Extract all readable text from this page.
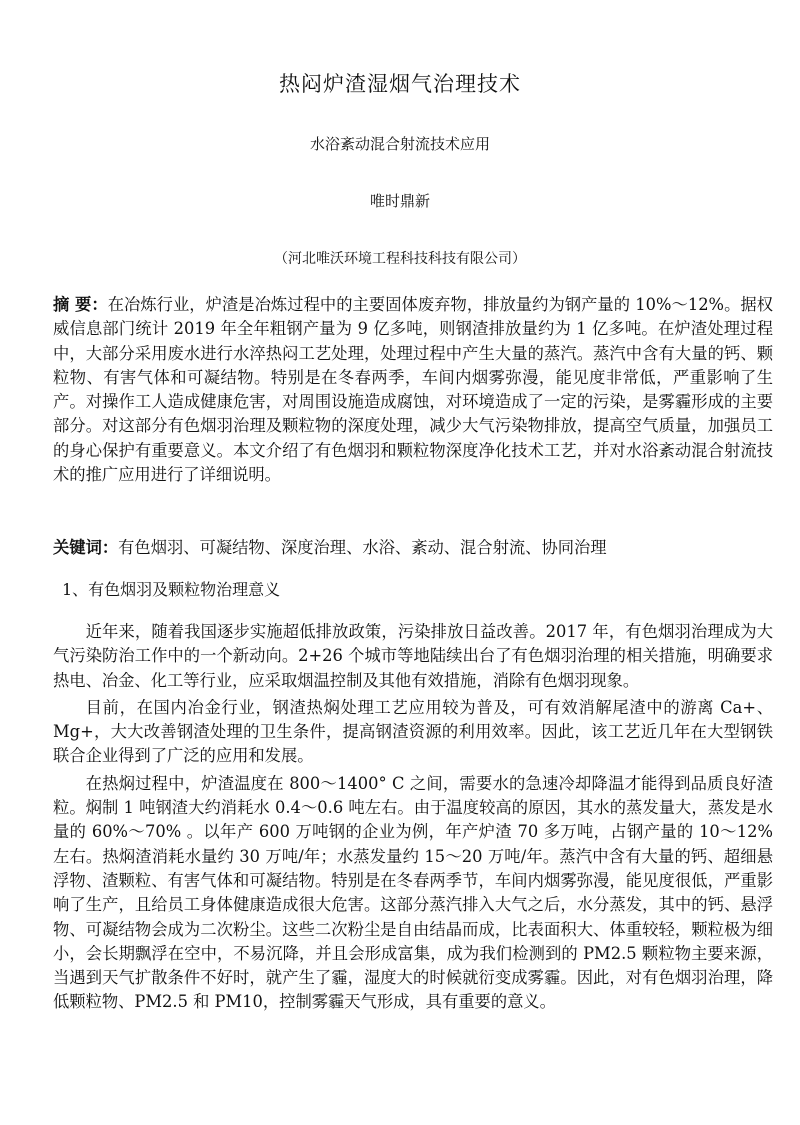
热闷炉渣湿烟气治理技术
水浴紊动混合射流技术应用
唯时鼎新
（河北唯沃环境工程科技科技有限公司）
摘 要：在冶炼行业，炉渣是冶炼过程中的主要固体废弃物，排放量约为钢产量的 10%～12%。据权威信息部门统计 2019 年全年粗钢产量为 9 亿多吨，则钢渣排放量约为 1 亿多吨。在炉渣处理过程中，大部分采用废水进行水淬热闷工艺处理，处理过程中产生大量的蒸汽。蒸汽中含有大量的钙、颗粒物、有害气体和可凝结物。特别是在冬春两季，车间内烟雾弥漫，能见度非常低，严重影响了生产。对操作工人造成健康危害，对周围设施造成腐蚀，对环境造成了一定的污染，是雾霾形成的主要部分。对这部分有色烟羽治理及颗粒物的深度处理，减少大气污染物排放，提高空气质量，加强员工的身心保护有重要意义。本文介绍了有色烟羽和颗粒物深度净化技术工艺，并对水浴紊动混合射流技术的推广应用进行了详细说明。
关键词：有色烟羽、可凝结物、深度治理、水浴、紊动、混合射流、协同治理
1、有色烟羽及颗粒物治理意义

近年来，随着我国逐步实施超低排放政策，污染排放日益改善。2017 年，有色烟羽治理成为大气污染防治工作中的一个新动向。2+26 个城市等地陆续出台了有色烟羽治理的相关措施，明确要求热电、冶金、化工等行业，应采取烟温控制及其他有效措施，消除有色烟羽现象。

目前，在国内冶金行业，钢渣热焖处理工艺应用较为普及，可有效消解尾渣中的游离 Ca+、Mg+，大大改善钢渣处理的卫生条件，提高钢渣资源的利用效率。因此，该工艺近几年在大型钢铁联合企业得到了广泛的应用和发展。

在热焖过程中，炉渣温度在 800～1400° C 之间，需要水的急速冷却降温才能得到品质良好渣粒。焖制 1 吨钢渣大约消耗水 0.4～0.6 吨左右。由于温度较高的原因，其水的蒸发量大，蒸发是水量的 60%～70% 。以年产 600 万吨钢的企业为例，年产炉渣 70 多万吨，占钢产量的 10～12%左右。热焖渣消耗水量约 30 万吨/年；水蒸发量约 15～20 万吨/年。蒸汽中含有大量的钙、超细悬浮物、渣颗粒、有害气体和可凝结物。特别是在冬春两季节，车间内烟雾弥漫，能见度很低，严重影响了生产，且给员工身体健康造成很大危害。这部分蒸汽排入大气之后，水分蒸发，其中的钙、悬浮物、可凝结物会成为二次粉尘。这些二次粉尘是自由结晶而成，比表面积大、体重较轻，颗粒极为细小，会长期飘浮在空中，不易沉降，并且会形成富集，成为我们检测到的 PM2.5 颗粒物主要来源，当遇到天气扩散条件不好时，就产生了霾，湿度大的时候就衍变成雾霾。因此，对有色烟羽治理，降低颗粒物、PM2.5 和 PM10，控制雾霾天气形成，具有重要的意义。
